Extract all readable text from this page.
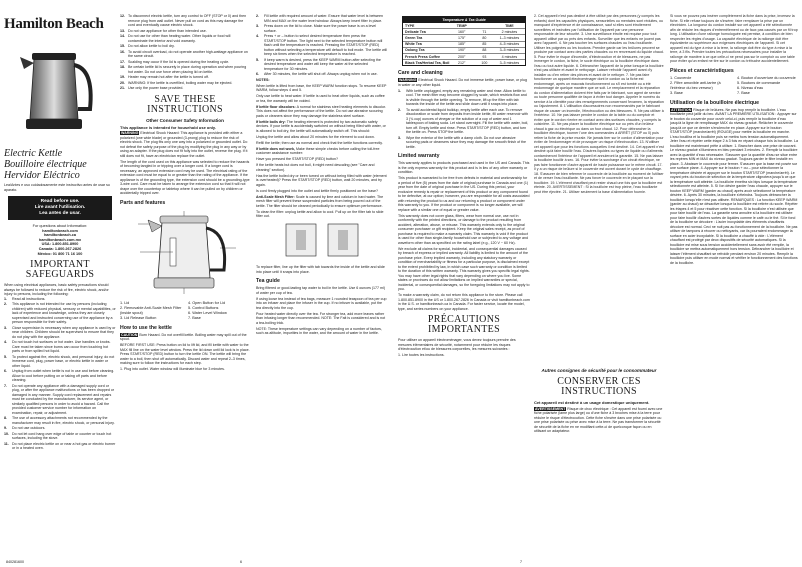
Hamilton Beach
Electric Kettle
Bouilloire électrique
Hervidor Eléctrico
Lea/Antes e uso cuidadosamente este instructivo antes de usar su aparato.
Read before use.
Lire avant l'utilisation.
Lea antes de usar.
For questions about Information:
hamiltonbeach.com
hamiltonbeach.ca
hamiltonbeach.com.mx
USA: 1.800.851.8900
Canada: 1.800.267.2826
México: 01 800 71 16 100
IMPORTANT SAFEGUARDS
When using electrical appliances, basic safety precautions should always be followed to reduce the risk of fire, electric shock, and/or injury to persons, including the following:
1. Read all instructions.
2. This appliance is not intended for use by persons (including children) with reduced physical, sensory or mental capabilities, or lack of experience and knowledge, unless they are closely supervised and instructed concerning use of the appliance by a person responsible for their safety.
3. Close supervision is necessary when any appliance is used by or near children. Children should be supervised to ensure that they do not play with the appliance.
4. Do not touch hot surfaces or hot water. Use handles or knobs. Care must be taken since burns can occur from touching hot parts or from spilled hot liquid.
5. To protect against fire, electric shock, and personal injury, do not immerse cord, plug, power base, or electric kettle in water or other liquid.
6. Unplug from outlet when kettle is not in use and before cleaning. Allow to cool before putting on or taking off parts and before cleaning.
7. Do not operate any appliance with a damaged supply cord or plug, or after the appliance malfunctions or has been dropped or damaged in any manner. Supply cord replacement and repairs must be conducted by the manufacturer, its service agent, or similarly qualified persons in order to avoid a hazard. Call the provided customer service number for information on examination, repair, or adjustment.
8. The use of accessory attachments not recommended by the manufacturer may result in fire, electric shock, or personal injury.
9. Do not use outdoors.
10. Do not let cord hang over edge of table or counter or touch hot surfaces, including the stove.
11. Do not place electric kettle on or near a hot gas or electric burner or in a heated oven.
12. To disconnect electric kettle, turn any control to OFF (STOP or 0) and then remove plug from wall outlet. Never pull on cord as this may damage the cord and eventually cause electric shock.
13. Do not use appliance for other than intended use.
14. Do not use for other than heating water. Other liquids or food will contaminate the interior and void warranty.
15. Do not allow kettle to boil dry.
16. To avoid circuit overload, do not operate another high-wattage appliance on the same circuit.
17. Scalding may occur if the lid is opened during the heating cycle.
18. Be certain kettle lid is securely in place during operation and when pouring hot water. Do not use force when placing lid on kettle.
19. Heater may remain hot after the kettle is turned off.
20. WARNING: If the kettle is overfilled, boiling water may be ejected.
21. Use only the power base provided.
SAVE THESE INSTRUCTIONS
Other Consumer Safety Information

This appliance is intended for household use only.

WARNING Electrical Shock Hazard: This appliance is provided with either a polarized (one wide blade) or grounded (3-prong) plug to reduce the risk of electric shock. The plug fits only one way into a polarized or grounded outlet. Do not defeat the safety purpose of the plug by modifying the plug in any way or by using an adapter. If the plug does not fit fully into the outlet, reverse the plug. If it still does not fit, have an electrician replace the outlet.

The length of the cord used on this appliance was selected to reduce the hazards of becoming tangled in or tripping over a longer cord. If a longer cord is necessary, an approved extension cord may be used. The electrical rating of the extension cord must be equal to or greater than the rating of the appliance. If the appliance is of the grounding type, the extension cord should be a grounding-type 3-wire cord. Care must be taken to arrange the extension cord so that it will not drape over the countertop or tabletop where it can be pulled on by children or accidentally tripped over.

Parts and features
1. Lid
2. Removable Anti-Scale Mesh Filter (inside spout)
3. Lid Release Button
4. Open Button for Lid
5. Control Buttons
6. Water Level Window
7. Base
How to use the kettle

CAUTION Burn Hazard. Do not overfill kettle. Boiling water may spill out of the spout.

BEFORE FIRST USE: Press button on lid to lift lid, and fill kettle with water to the MAX fill line on the water level window. Press the lid down until lid lock is in place. Press START/STOP (RED) button to turn the kettle ON. The kettle will bring the water to a boil, then shut off automatically. Discard water and repeat 2–3 times, making sure to follow the instructions for each step.

1. Plug into outlet. Water window will illuminate blue for 3 minutes.

2. Fill kettle with required amount of water. Ensure that water level is between MIN and MAX on the water level window. Always keep insert filter in place.
3. Press down on the lid to close. Make sure the power base is on a level surface.
4. Press + or – button to select desired temperature then press the START/STOP button. The light next to the selected temperature button will flash until the temperature is reached. Pressing the START/STOP (RED) button without selecting a temperature will default to boil mode. The kettle will beep six times when the selected temperature is reached.
5. If keep warm is desired, press the KEEP WARM button after selecting the desired temperature and water will keep the water at the selected temperature for 30 minutes.
6. After 30 minutes, the kettle will shut off. Always unplug when not in use.

NOTES:

When kettle is lifted from base, the KEEP WARM function stops. To resume KEEP WARM, follow steps 4 and 5.

Only use kettle to heat water. If kettle is used to heat other liquids, such as coffee or tea, the warranty will be voided.

If kettle floor discolors: A normal for stainless steel heating elements to discolor. This does not affect the performance of the kettle. Do not use abrasive scouring pads or cleaners since they may damage the stainless steel surface.

If kettle boils dry: The heating element is protected by two automatic safety devices. If your kettle is accidentally switched on without being filled with water, or is allowed to boil dry, the kettle will automatically switch off. This should:

Unplug the kettle and allow about 20 minutes for the element to cool down.

Refill the kettle; then use as normal and check that the kettle functions correctly.

If kettle does not work, Make these simple checks before calling the toll-free customer assistance number:

Have you pressed the START/STOP (RED) button?

If the kettle heats but does not boil, it might need descaling (see "Care and cleaning" section).

Has the kettle boiled dry or been turned on without being filled with water (element is overheated)? Press the START/STOP (RED) button, wait 20 minutes, and try again.

Is cord firmly plugged into the outlet and kettle firmly positioned on the base?

Anti-Scale Mesh Filter: Scale is caused by lime and calcium in hard water. The mesh filter will prevent these suspended particles from being poured out of the kettle. The filter should be cleaned periodically to ensure optimum performance.

To clean the filter: unplug kettle and allow to cool. Pull up on the filter tab to slide filter out.

To replace filter, line up the filter with tab towards the inside of the kettle and slide into place until it snaps into place.

Tea guide

Bring filtered or good-tasting tap water to boil in the kettle. Use 6 ounces (177 ml) of water per cup of tea.

If using loose tea instead of tea bags, measure 1 rounded teaspoon of tea per cup into an infuser and place the infuser in the cup. If no infuser is available, put the tea directly into the cup.

Pour heated water directly over the tea. For stronger tea, add more leaves rather than infusing longer than recommended. NOTE: The Fait is considered and is not a tea-boiling trick.

NOTE: These temperature settings can vary depending on a number of factors, such as altitude, impurities in the water, and the amount of water in the kettle.

Temperature & Tea Guide
TYPE	TEMP	TIME
Delicate Tea	160°	71	2 minutes
Green Tea	175°	80	1–3 minutes
White Tea	185°	85	4–5 minutes
Oolong Tea	190°	88	3–5 minutes
French Press Coffee	200°	93	4 minutes
Black Tea/Herbal Tea, Boil	212°	100	3–5 minutes
Care and cleaning

WARNING Electrical Shock Hazard. Do not immerse kettle, power base, or plug in water or any other liquid.

1. With kettle unplugged, empty any remaining water and rinse. Allow kettle to cool. The mesh filter may become clogged by scale, which restricts flow and is visible through the kettle opening. To remove, lift up the filter with tab towards the inside of the kettle and slide down until it snaps into place.
2. To avoid accidental liquid buildup, empty kettle after each use. To remove discoloration or scale from deposits from inside kettle, fill water reservoir with 3 (¾ cup) ounces of vinegar or the solution of a cup of water and 1 tablespoon of baking soda. Let stand overnight. Fill the kettle with water, boil, turn off. Empty kettle and rinse. Press START/STOP (RED) button, and turn the kettle on. Press STOP the kettle.
3. Wipe the exterior of the kettle with a damp cloth. Do not use abrasive scouring pads or cleansers since they may damage the smooth finish of the kettle.
Limited warranty

This warranty applies to products purchased and used in the US and Canada. This is the only express warranty for this product and is in lieu of any other warranty or condition.

This product is warranted to be free from defects in material and workmanship for a period of five (5) years from the date of original purchase in Canada and one (1) year from the date of original purchase in the US. During this period, your exclusive remedy is repair or replacement of this product or any component found to be defective, at our option; however, you are responsible for all costs associated with returning the product to us and our returning a product or component under this warranty to you. If the product or component is no longer available, we will replace with a similar one of equal or greater value.

This warranty does not cover glass, filters, wear from normal use, use not in conformity with the printed directions, or damage to the product resulting from accident, alteration, abuse, or misuse. This warranty extends only to the original consumer purchaser or gift recipient. Keep the original sales receipt, as proof of purchase is required to make a warranty claim. This warranty is void if the product is used for other than single-family household use or subjected to any voltage and waveform other than as specified on the rating label (e.g., 120 V ~ 60 Hz).

We exclude all claims for special, incidental, and consequential damages caused by breach of express or implied warranty. All liability is limited to the amount of the purchase price. Every implied warranty, including any statutory warranty or condition of merchantability or fitness for a particular purpose, is disclaimed except to the extent prohibited by law, in which case such warranty or condition is limited to the duration of this written warranty. This warranty gives you specific legal rights. You may have other legal rights that vary depending on where you live. Some states or provinces do not allow limitations on implied warranties or special, incidental, or consequential damages, so the foregoing limitations may not apply to you.

To make a warranty claim, do not return this appliance to the store. Please call 1.800.851.8900 in the US or 1.800.267.2826 in Canada or visit hamiltonbeach.com in the U.S. or hamiltonbeach.ca in Canada. For faster service, locate the model, type, and series numbers on your appliance.

PRÉCAUTIONS IMPORTANTES

Pour utiliser un appareil électroménager, vous devez toujours prendre des mesures élémentaires de sécurité, notamment pour réduire les risques d'électrocution et/ou de blessures corporelles, les mesures suivantes :

1. Lire toutes les instructions.

2. Cet appareil n'est pas destiné à être utilisé par des personnes (y compris les enfants) dont les capacités physiques, sensorielles ou mentales sont réduites, ou manquant d'expérience et de connaissance, sauf si elles sont étroitement surveillées et instruites par l'utilisation de l'appareil par une personne responsable de leur sécurité. 3. Une surveillance étroite est requise pour tout appareil utilisé par ou près des enfants. Surveiller que les enfants ne jouent pas avec l'appareil. 4. Ne pas toucher les surfaces chaudes ou l'eau bouillante. Utiliser les poignées ou les boutons. Prendre garde car les brûlures peuvent se produire par contact avec des parties chaudes ou en renversant du liquide chaud. 5. Pour éviter le risque d'incendie, d'électrocution et de blessures, ne pas immerger le cordon, la fiche, le socle électrique ou la bouilloire électrique dans l'eau ou tout autre liquide. 6. Débrancher l'appareil de la prise lorsque la bouilloire n'est pas utilisée et avant le nettoyage. Laisser refroidir l'appareil avant d'y installer ou d'en retirer des pièces et avant de le nettoyer. 7. Ne pas faire fonctionner un appareil électroménager dont le cordon ou la fiche est endommagé, après un mauvais fonctionnement ou s'il est tombé ou a été endommagé de quelque manière que ce soit. Le remplacement et la réparation du cordon d'alimentation doivent être faits par le fabricant, son agent de service ou toute personne qualifiée de façon à éviter tout danger. Appeler le numéro du service à la clientèle pour des renseignements concernant l'examen, la réparation ou l'ajustement. 8. L'utilisation d'accessoires non recommandés par le fabricant risque de causer un incendie, l'électrocution ou des blessures. 9. Ne pas utiliser à l'extérieur. 10. Ne pas laisser pendre le cordon de la table ou du comptoir et éviter que le cordon n'entre en contact avec des surfaces chaudes, y compris la cuisinière. 11. Ne pas placer la bouilloire électrique sur ou près d'un brûleur chaud à gaz ou électrique ou dans un four chaud. 12. Pour débrancher la bouilloire électrique, tourner l'une des commandes à ARRÊT (STOP ou 0) puis retirer la fiche de la prise murale. Ne jamais tirer sur le cordon d'alimentation pour éviter de l'endommager et de provoquer un risque d'électrocution. 13. N'utiliser cet appareil que pour les fonctions auxquelles il est destiné. 14. Cet appareil n'est destiné qu'à faire bouillir l'eau. D'autres liquides ou types de liquide ou d'aliments contamineront l'intérieur de l'appareil et annuleront la garantie. 15. Ne pas laisser la bouilloire bouillir à sec. 16. Pour éviter la surcharge d'un circuit électrique, ne pas faire fonctionner d'autre appareil de haute puissance sur le même circuit. 17. Il y a un risque de brûlure si le couvercle est ouvert durant le cycle de chauffage. 18. S'assurer de bien refermer le couvercle de la bouilloire au moment de l'utiliser et de verser l'eau bouillante. Ne pas forcer le couvercle en le plaçant sur la bouilloire. 19. L'élément chauffant peut rester chaud une fois que la bouilloire est éteinte. 20. AVERTISSEMENT : Si la bouilloire est trop pleine, l'eau bouillante peut être éjectée. 21. Utiliser seulement la base d'alimentation fournie.

Autres consignes de sécurité pour le consommateur
CONSERVER CES INSTRUCTIONS

Cet appareil est destiné à un usage domestique uniquement.

AVERTISSEMENT Risque de choc électrique : Cet appareil est fourni avec une fiche polarisée (lame plus large) ou d'une fiche à 3 broches mise à la terre pour réduire le risque d'électrocution. Cette fiche s'insère dans une prise polarisée ou une prise polarisée ou prise avec mise à la terre. Ne pas transformer la sécurité de sécurité de la fiche en ne modifiant cette-ci de quelconque façon ou en utilisant un adaptateur.

Si vous ne pouvez pas insérer complètement la fiche dans la prise, inversez la fiche. Si elle refuse toujours de s'insérer, faire remplacer la prise par un électricien. La longueur du cordon installé sur cet appareil a été sélectionnée afin de réduire les risques d'entremêlement ou de faux pas causés par un fil trop long. L'utilisation d'une rallonge homologuée est permise, à condition de bien respecter les règles d'usage. La capacité électrique de la rallonge doit être équivalente ou supérieure aux exigences électriques de l'appareil. Si cet appareil est du type à mise à la terre, la rallonge doit être du type à mise à la terre, à 3 fils. Prendre toutes les précautions nécessaires pour installer la rallonge de manière à ce que celle-ci ne pend pas sur le comptoir ou une table pour éviter qu'un enfant ne tire sur le cordon ou trébuche accidentellement.

Pièces et caractéristiques
1. Couvercle
2. Filtre amovible anti-tartre (à l'intérieur du bec verseur)
3. Base
4. Bouton d'ouverture du couvercle
5. Boutons de commande
6. Niveau d'eau
7. Base
Utilisation de la bouilloire électrique

ATTENTION Risque de brûlures. Ne pas trop remplir la bouilloire. L'eau bouillante peut jaillir du bec. AVANT LA PREMIÈRE UTILISATION : Appuyer sur le bouton du couvercle pour ouvrir celui-ci, puis remplir la bouilloire d'eau jusqu'à la ligne de remplissage MAX du niveau gradué. Relâcher le couvercle jusqu'à ce que ce dernier s'enclenche en place. Appuyer sur le bouton START/STOP (marche/arrêt) (ROUGE) pour mettre la bouilloire en marche. L'eau bouillira et la bouilloire puis se mettra hors tension automatiquement. Jeter l'eau et répéter cette étape 2 à 3 fois en répant chaque fois la bouilloire. La bouilloire est maintenant prête à utiliser. 1. Brancher dans une prise de courant. Le niveau gradué s'illuminera en bleu pendant 3 minutes. 2. Remplir la bouilloire avec la quantité d'eau nécessaire. S'assurer que la quantité d'eau se situe entre les repères MIN et MAX du niveau gradué. Toujours garder le filtre installé en place. 3. Abaisser le couvercle pour fermer. S'assurer que la base est posée sur une surface plane. 4. Appuyer sur le bouton + ou – pour sélectionner la température désirée et appuyer sur le bouton START/STOP (marche/arrêt). Le voyant près du bouton de sélection de la température clignotera jusqu'à ce que la température soit atteinte. La bouilloire émettra six bips lorsque la température sélectionnée est atteinte. 5. Si l'on désire garder l'eau chaude, appuyer sur le bouton KEEP WARM (garder au chaud) après avoir sélectionné la température désirée. 6. Après 30 minutes, la bouilloire s'éteindra. Toujours débrancher la bouilloire lorsqu'elle n'est pas utilisée. REMARQUES : La fonction KEEP WARM (garder au chaud) se désactive lorsque la bouilloire est retirée du socle. Répéter les étapes 4 et 5 pour réactiver cette fonction. Si la bouilloire n'est utilisée que pour faire bouillir de l'eau. La garantie sera annulée si la bouilloire est utilisée pour faire bouillir d'autres sortes de liquides comme le café ou le thé. Si le fond de la bouilloire se décolore : L'acier inoxydable des éléments chauffants décolore est normal. Ceci ne nuit pas au fonctionnement de la bouilloire. Ne pas utiliser de tampons à récurer ou nettoyants, car ils pourraient endommager la surface en acier inoxydable. Si la bouilloire a chauffé à vide : L'élément chauffant est protégé par deux dispositifs de sécurité automatiques. Si la bouilloire est mise sous tension accidentellement sans avoir été remplie, la bouilloire se mettra automatiquement hors tension. Débrancher la bouilloire et laisser l'élément chauffant se refroidir pendant environ 20 minutes. Remplir la bouilloire puis utiliser en mode normal et vérifier le fonctionnement des fonctions de la bouilloire.

840281600	6	7
